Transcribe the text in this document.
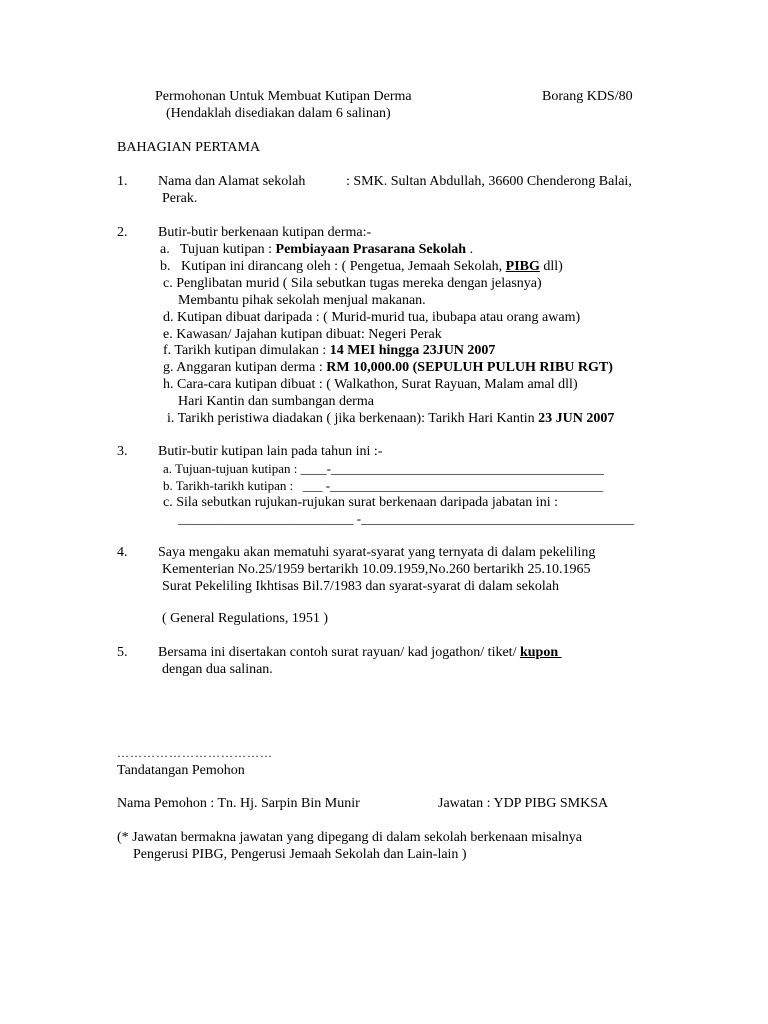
Permohonan Untuk Membuat Kutipan Derma	Borang KDS/80
(Hendaklah disediakan dalam 6 salinan)
BAHAGIAN PERTAMA
1. Nama dan Alamat sekolah	: SMK. Sultan Abdullah, 36600 Chenderong Balai,
Perak.
2. Butir-butir berkenaan kutipan derma:-
a.   Tujuan kutipan : Pembiayaan Prasarana Sekolah .
b.   Kutipan ini dirancang oleh : ( Pengetua, Jemaah Sekolah, PIBG dll)
c. Penglibatan murid ( Sila sebutkan tugas mereka dengan jelasnya)
Membantu pihak sekolah menjual makanan.
d. Kutipan dibuat daripada : ( Murid-murid tua, ibubapa atau orang awam)
e. Kawasan/ Jajahan kutipan dibuat: Negeri Perak
f. Tarikh kutipan dimulakan : 14 MEI hingga 23JUN 2007
g. Anggaran kutipan derma : RM 10,000.00 (SEPULUH PULUH RIBU RGT)
h. Cara-cara kutipan dibuat : ( Walkathon, Surat Rayuan, Malam amal dll)
Hari Kantin dan sumbangan derma
i. Tarikh peristiwa diadakan ( jika berkenaan): Tarikh Hari Kantin 23 JUN 2007
3. Butir-butir kutipan lain pada tahun ini :-
a. Tujuan-tujuan kutipan : ____-__________________________________________
b. Tarikh-tarikh kutipan :   ___ -__________________________________________
c. Sila sebutkan rujukan-rujukan surat berkenaan daripada jabatan ini :
___________________________ -__________________________________________
4. Saya mengaku akan mematuhi syarat-syarat yang ternyata di dalam pekeliling
Kementerian No.25/1959 bertarikh 10.09.1959,No.260 bertarikh 25.10.1965
Surat Pekeliling Ikhtisas Bil.7/1983 dan syarat-syarat di dalam sekolah
( General Regulations, 1951 )
5. Bersama ini disertakan contoh surat rayuan/ kad jogathon/ tiket/ kupon
dengan dua salinan.
………………………………
Tandatangan Pemohon
Nama Pemohon : Tn. Hj. Sarpin Bin Munir	Jawatan : YDP PIBG SMKSA
(* Jawatan bermakna jawatan yang dipegang di dalam sekolah berkenaan misalnya
Pengerusi PIBG, Pengerusi Jemaah Sekolah dan Lain-lain )
